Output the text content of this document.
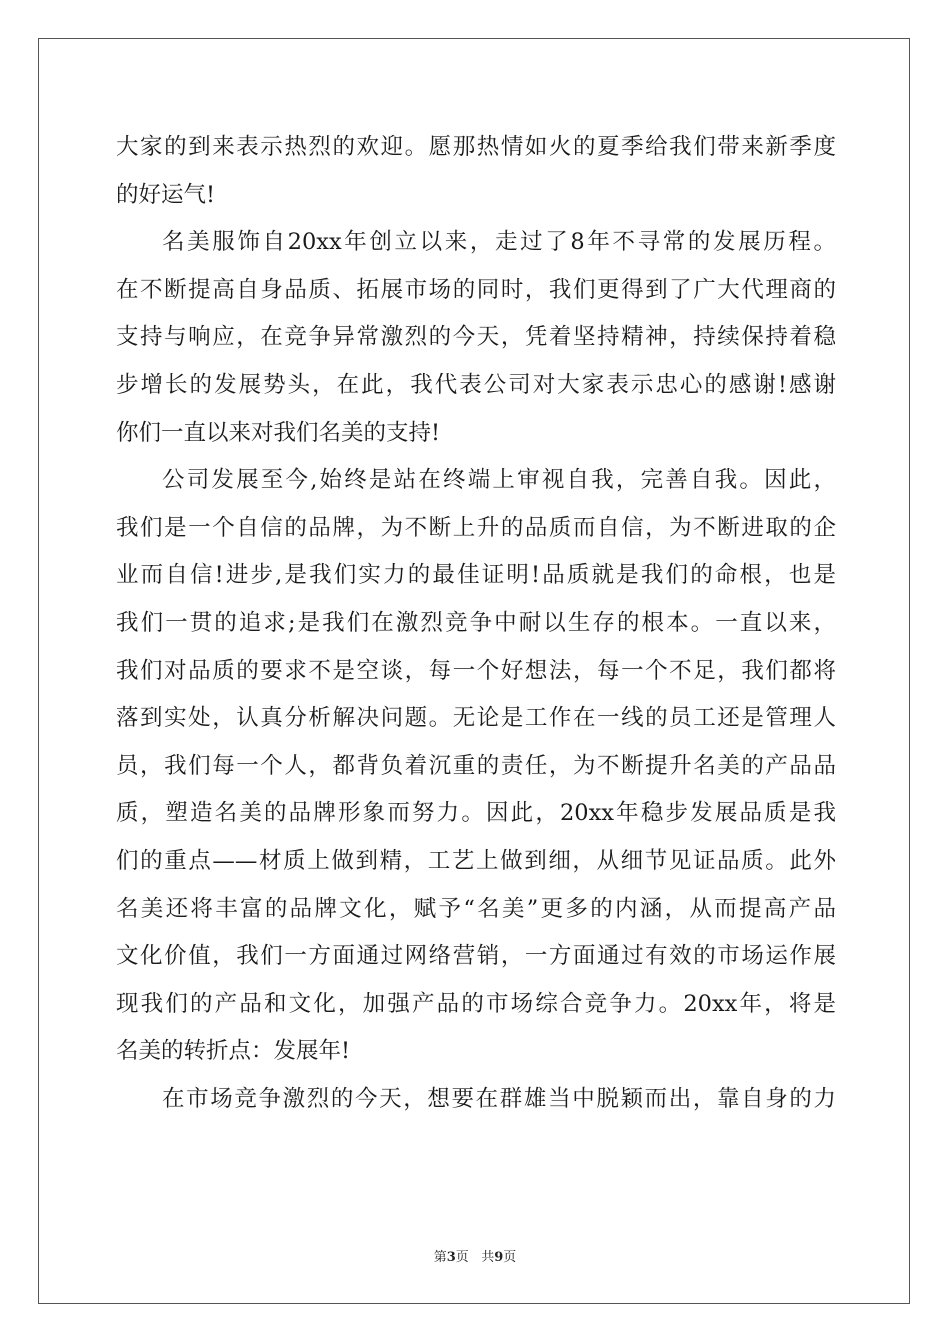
大家的到来表示热烈的欢迎。愿那热情如火的夏季给我们带来新季度
的好运气!
名美服饰自20xx年创立以来，走过了8年不寻常的发展历程。
在不断提高自身品质、拓展市场的同时，我们更得到了广大代理商的
支持与响应，在竞争异常激烈的今天，凭着坚持精神，持续保持着稳
步增长的发展势头，在此，我代表公司对大家表示忠心的感谢!感谢
你们一直以来对我们名美的支持!
公司发展至今,始终是站在终端上审视自我，完善自我。因此，
我们是一个自信的品牌，为不断上升的品质而自信，为不断进取的企
业而自信!进步,是我们实力的最佳证明!品质就是我们的命根，也是
我们一贯的追求;是我们在激烈竞争中耐以生存的根本。一直以来，
我们对品质的要求不是空谈，每一个好想法，每一个不足，我们都将
落到实处，认真分析解决问题。无论是工作在一线的员工还是管理人
员，我们每一个人，都背负着沉重的责任，为不断提升名美的产品品
质，塑造名美的品牌形象而努力。因此，20xx年稳步发展品质是我
们的重点——材质上做到精，工艺上做到细，从细节见证品质。此外
名美还将丰富的品牌文化，赋予“名美”更多的内涵，从而提高产品
文化价值，我们一方面通过网络营销，一方面通过有效的市场运作展
现我们的产品和文化，加强产品的市场综合竞争力。20xx年，将是
名美的转折点：发展年!
在市场竞争激烈的今天，想要在群雄当中脱颖而出，靠自身的力
第3页 共9页
